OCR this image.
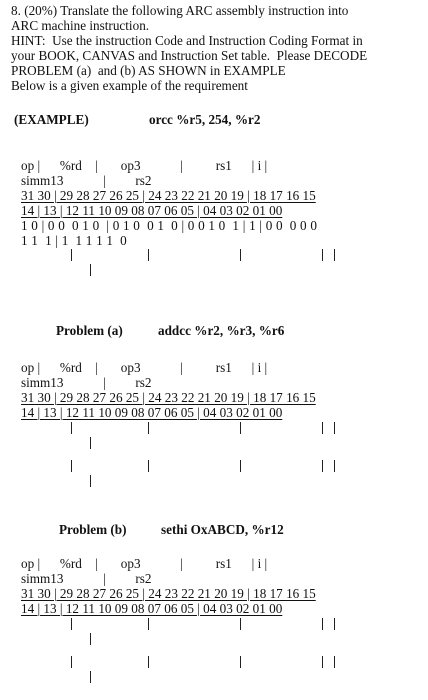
8. (20%) Translate the following ARC assembly instruction into
ARC machine instruction.
HINT:  Use the instruction Code and Instruction Coding Format in
your BOOK, CANVAS and Instruction Set table.  Please DECODE
PROBLEM (a)  and (b) AS SHOWN in EXAMPLE
Below is a given example of the requirement
(EXAMPLE)	orcc %r5, 254, %r2
op |      %rd    |       op3            |          rs1      | i |
simm13            |         rs2
31 30 | 29 28 27 26 25 | 24 23 22 21 20 19 | 18 17 16 15
14 | 13 | 12 11 10 09 08 07 06 05 | 04 03 02 01 00
1 0 | 0 0  0 1 0  | 0 1 0  0 1  0 | 0 0 1 0  1 | 1 | 0 0  0 0 0
1 1  1 | 1  1 1 1 1  0
Problem (a)	addcc %r2, %r3, %r6
op |      %rd    |       op3            |          rs1      | i |
simm13            |         rs2
31 30 | 29 28 27 26 25 | 24 23 22 21 20 19 | 18 17 16 15
14 | 13 | 12 11 10 09 08 07 06 05 | 04 03 02 01 00
Problem (b)	sethi OxABCD, %r12
op |      %rd    |       op3            |          rs1      | i |
simm13            |         rs2
31 30 | 29 28 27 26 25 | 24 23 22 21 20 19 | 18 17 16 15
14 | 13 | 12 11 10 09 08 07 06 05 | 04 03 02 01 00
